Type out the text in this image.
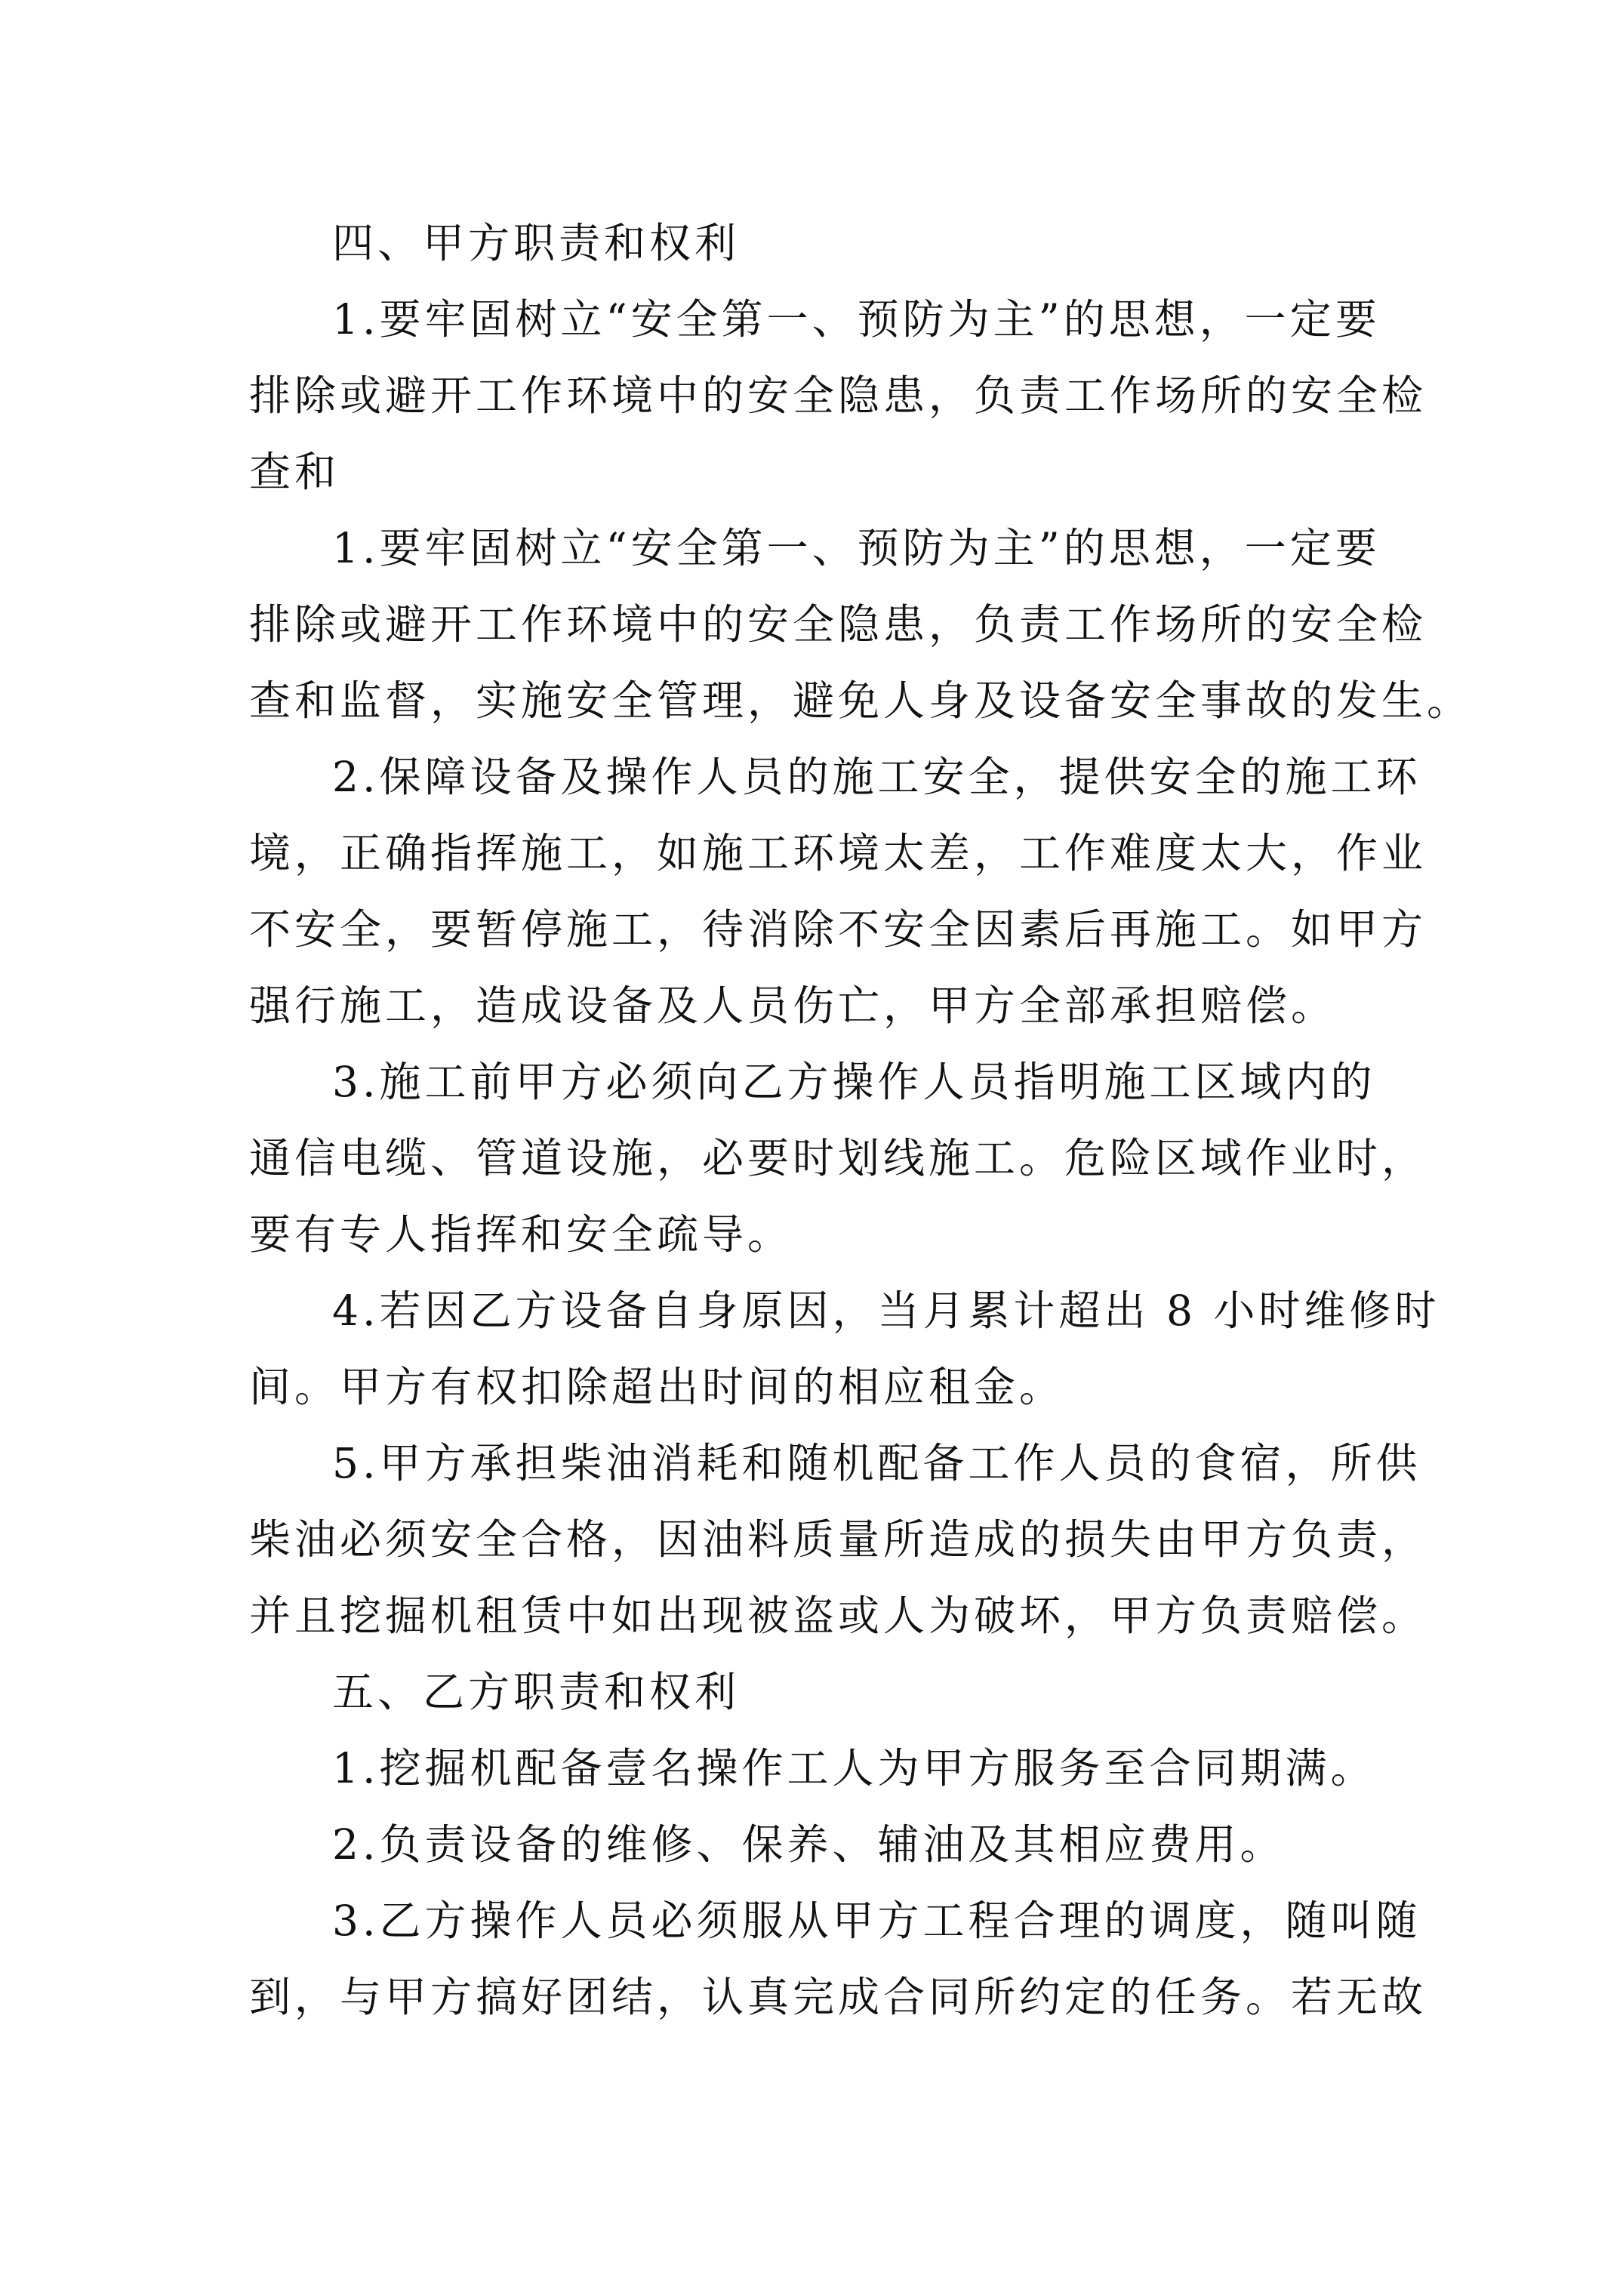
四、甲方职责和权利
1.要牢固树立“安全第一、预防为主”的思想，一定要
排除或避开工作环境中的安全隐患，负责工作场所的安全检
查和
1.要牢固树立“安全第一、预防为主”的思想，一定要
排除或避开工作环境中的安全隐患，负责工作场所的安全检
查和监督，实施安全管理，避免人身及设备安全事故的发生。
2.保障设备及操作人员的施工安全，提供安全的施工环
境，正确指挥施工，如施工环境太差，工作难度太大，作业
不安全，要暂停施工，待消除不安全因素后再施工。如甲方
强行施工，造成设备及人员伤亡，甲方全部承担赔偿。
3.施工前甲方必须向乙方操作人员指明施工区域内的
通信电缆、管道设施，必要时划线施工。危险区域作业时，
要有专人指挥和安全疏导。
4.若因乙方设备自身原因，当月累计超出 8 小时维修时
间。甲方有权扣除超出时间的相应租金。
5.甲方承担柴油消耗和随机配备工作人员的食宿，所供
柴油必须安全合格，因油料质量所造成的损失由甲方负责，
并且挖掘机租赁中如出现被盗或人为破坏，甲方负责赔偿。
五、乙方职责和权利
1.挖掘机配备壹名操作工人为甲方服务至合同期满。
2.负责设备的维修、保养、辅油及其相应费用。
3.乙方操作人员必须服从甲方工程合理的调度，随叫随
到，与甲方搞好团结，认真完成合同所约定的任务。若无故
